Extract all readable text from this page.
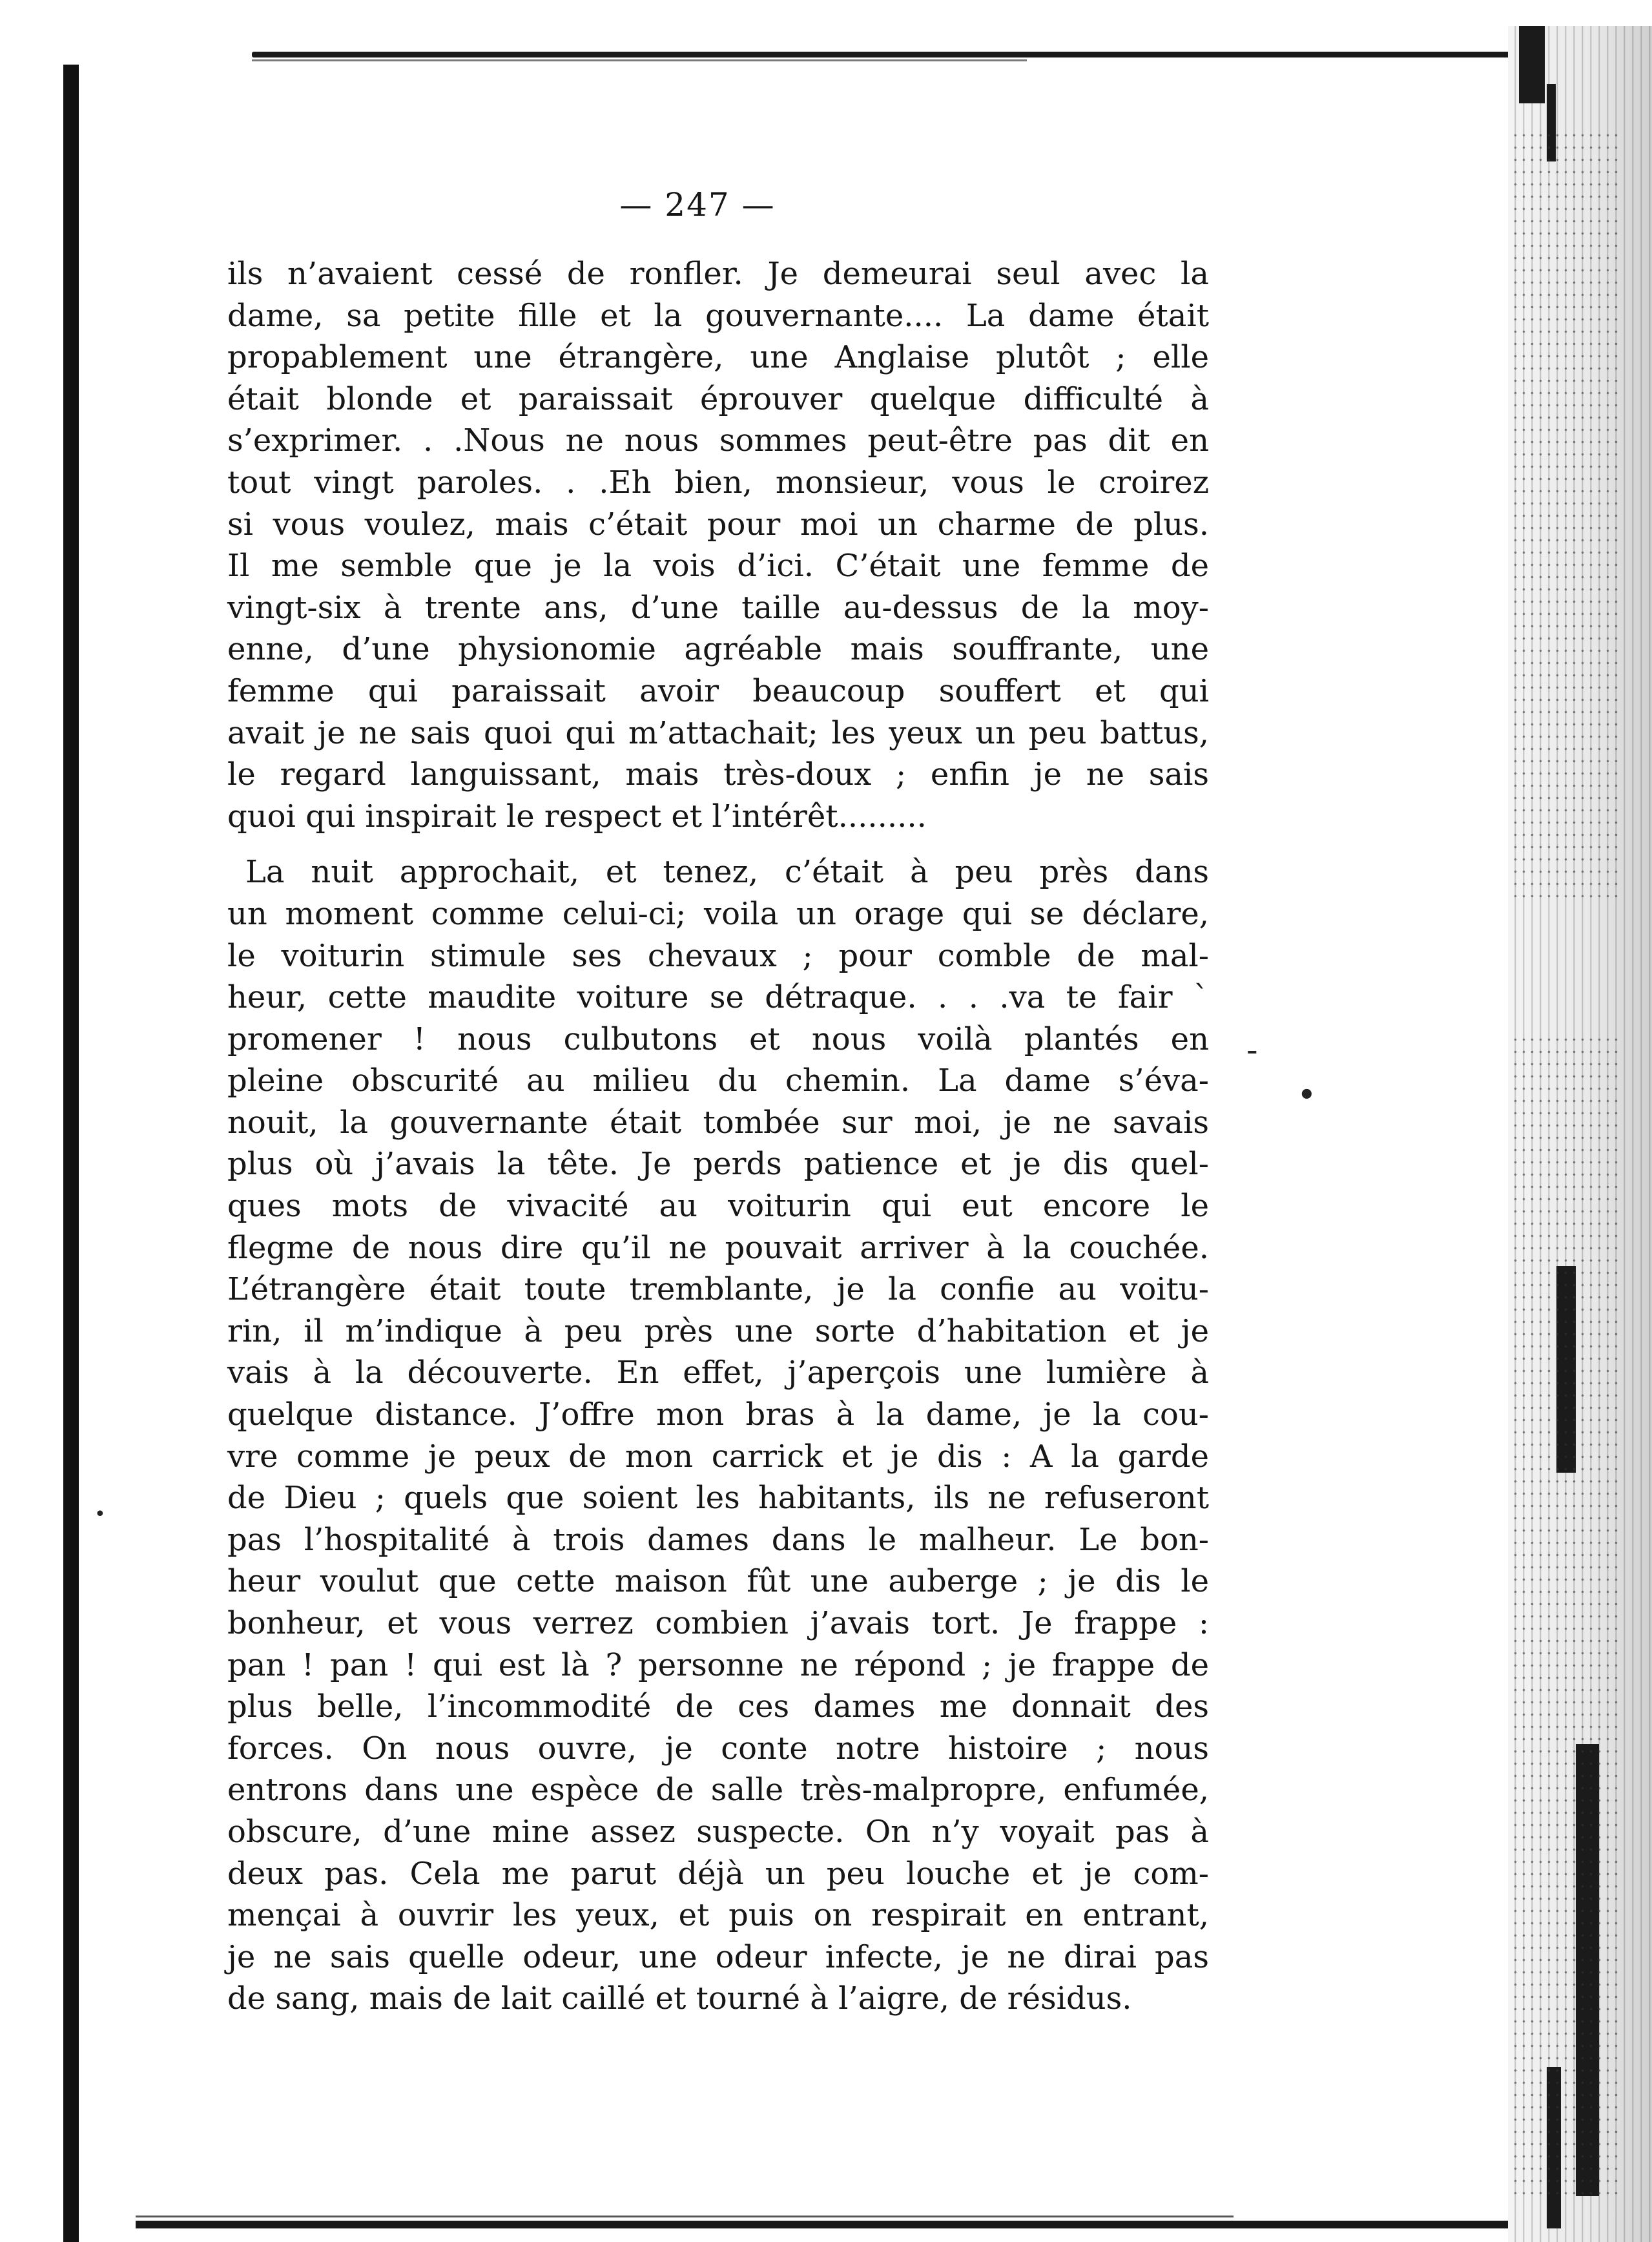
-
•
•
— 247 —
ils n’avaient cessé de ronfler. Je demeurai seul avec la
dame, sa petite fille et la gouvernante.... La dame était
propablement une étrangère, une Anglaise plutôt ; elle
était blonde et paraissait éprouver quelque difficulté à
s’exprimer. . .Nous ne nous sommes peut-être pas dit en
tout vingt paroles. . .Eh bien, monsieur, vous le croirez
si vous voulez, mais c’était pour moi un charme de plus.
Il me semble que je la vois d’ici. C’était une femme de
vingt-six à trente ans, d’une taille au-dessus de la moy-
enne, d’une physionomie agréable mais souffrante, une
femme qui paraissait avoir beaucoup souffert et qui
avait je ne sais quoi qui m’attachait; les yeux un peu battus,
le regard languissant, mais très-doux ; enfin je ne sais
quoi qui inspirait le respect et l’intérêt.........
La nuit approchait, et tenez, c’était à peu près dans
un moment comme celui-ci; voila un orage qui se déclare,
le voiturin stimule ses chevaux ; pour comble de mal-
heur, cette maudite voiture se détraque. . . .va te fair `
promener ! nous culbutons et nous voilà plantés en
pleine obscurité au milieu du chemin. La dame s’éva-
nouit, la gouvernante était tombée sur moi, je ne savais
plus où j’avais la tête. Je perds patience et je dis quel-
ques mots de vivacité au voiturin qui eut encore le
flegme de nous dire qu’il ne pouvait arriver à la couchée.
L’étrangère était toute tremblante, je la confie au voitu-
rin, il m’indique à peu près une sorte d’habitation et je
vais à la découverte. En effet, j’aperçois une lumière à
quelque distance. J’offre mon bras à la dame, je la cou-
vre comme je peux de mon carrick et je dis : A la garde
de Dieu ; quels que soient les habitants, ils ne refuseront
pas l’hospitalité à trois dames dans le malheur. Le bon-
heur voulut que cette maison fût une auberge ; je dis le
bonheur, et vous verrez combien j’avais tort. Je frappe :
pan ! pan ! qui est là ? personne ne répond ; je frappe de
plus belle, l’incommodité de ces dames me donnait des
forces. On nous ouvre, je conte notre histoire ; nous
entrons dans une espèce de salle très-malpropre, enfumée,
obscure, d’une mine assez suspecte. On n’y voyait pas à
deux pas. Cela me parut déjà un peu louche et je com-
mençai à ouvrir les yeux, et puis on respirait en entrant,
je ne sais quelle odeur, une odeur infecte, je ne dirai pas
de sang, mais de lait caillé et tourné à l’aigre, de résidus.
